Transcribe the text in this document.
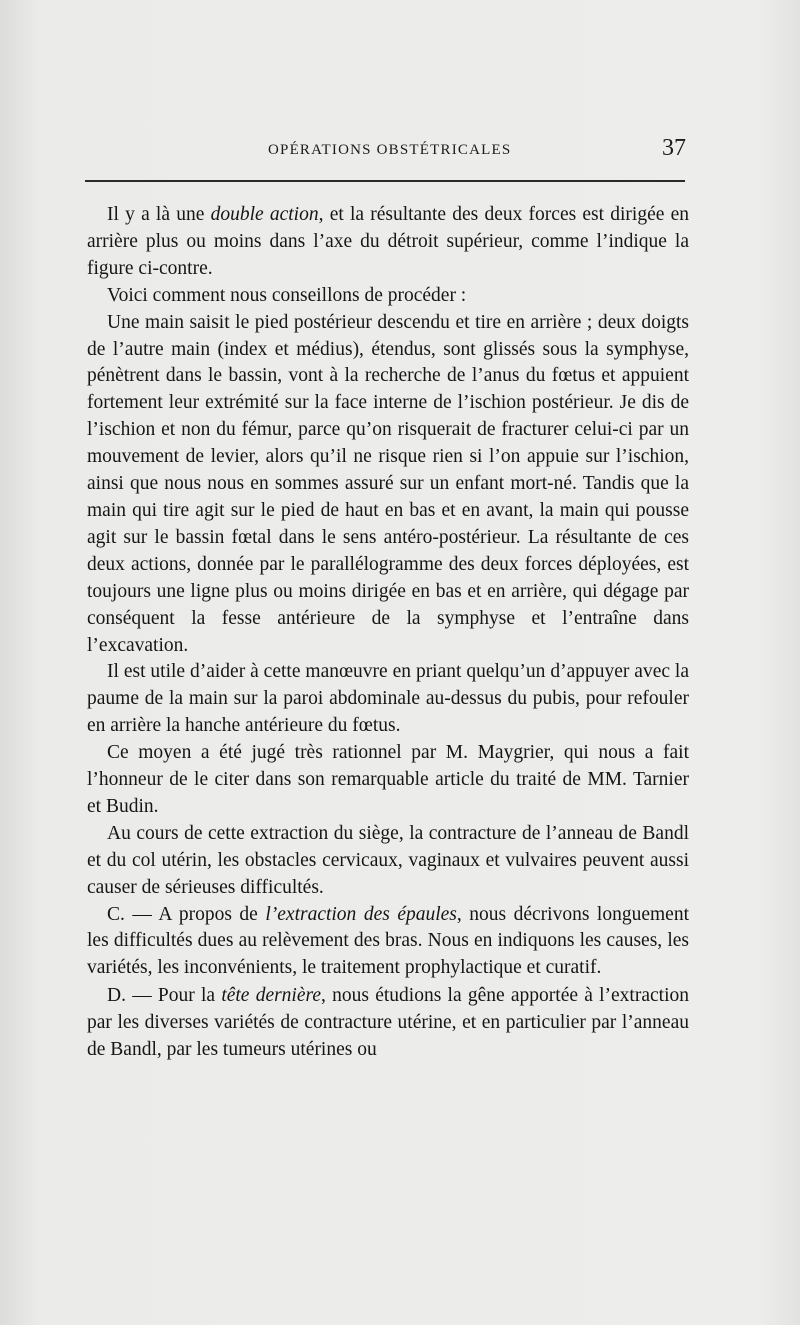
OPÉRATIONS OBSTÉTRICALES	37

Il y a là une double action, et la résultante des deux forces est dirigée en arrière plus ou moins dans l’axe du détroit supérieur, comme l’indique la figure ci-contre.

Voici comment nous conseillons de procéder :

Une main saisit le pied postérieur descendu et tire en arrière ; deux doigts de l’autre main (index et médius), étendus, sont glissés sous la symphyse, pénètrent dans le bassin, vont à la recherche de l’anus du fœtus et appuient fortement leur extrémité sur la face interne de l’ischion postérieur. Je dis de l’ischion et non du fémur, parce qu’on risquerait de fracturer celui-ci par un mouvement de levier, alors qu’il ne risque rien si l’on appuie sur l’ischion, ainsi que nous nous en sommes assuré sur un enfant mort-né. Tandis que la main qui tire agit sur le pied de haut en bas et en avant, la main qui pousse agit sur le bassin fœtal dans le sens antéro-postérieur. La résultante de ces deux actions, donnée par le parallélogramme des deux forces déployées, est toujours une ligne plus ou moins dirigée en bas et en arrière, qui dégage par conséquent la fesse antérieure de la symphyse et l’entraîne dans l’excavation.

Il est utile d’aider à cette manœuvre en priant quelqu’un d’appuyer avec la paume de la main sur la paroi abdominale au-dessus du pubis, pour refouler en arrière la hanche antérieure du fœtus.

Ce moyen a été jugé très rationnel par M. Maygrier, qui nous a fait l’honneur de le citer dans son remarquable article du traité de MM. Tarnier et Budin.

Au cours de cette extraction du siège, la contracture de l’anneau de Bandl et du col utérin, les obstacles cervicaux, vaginaux et vulvaires peuvent aussi causer de sérieuses difficultés.

C. — A propos de l’extraction des épaules, nous décrivons longuement les difficultés dues au relèvement des bras. Nous en indiquons les causes, les variétés, les inconvénients, le traitement prophylactique et curatif.

D. — Pour la tête dernière, nous étudions la gêne apportée à l’extraction par les diverses variétés de contracture utérine, et en particulier par l’anneau de Bandl, par les tumeurs utérines ou
